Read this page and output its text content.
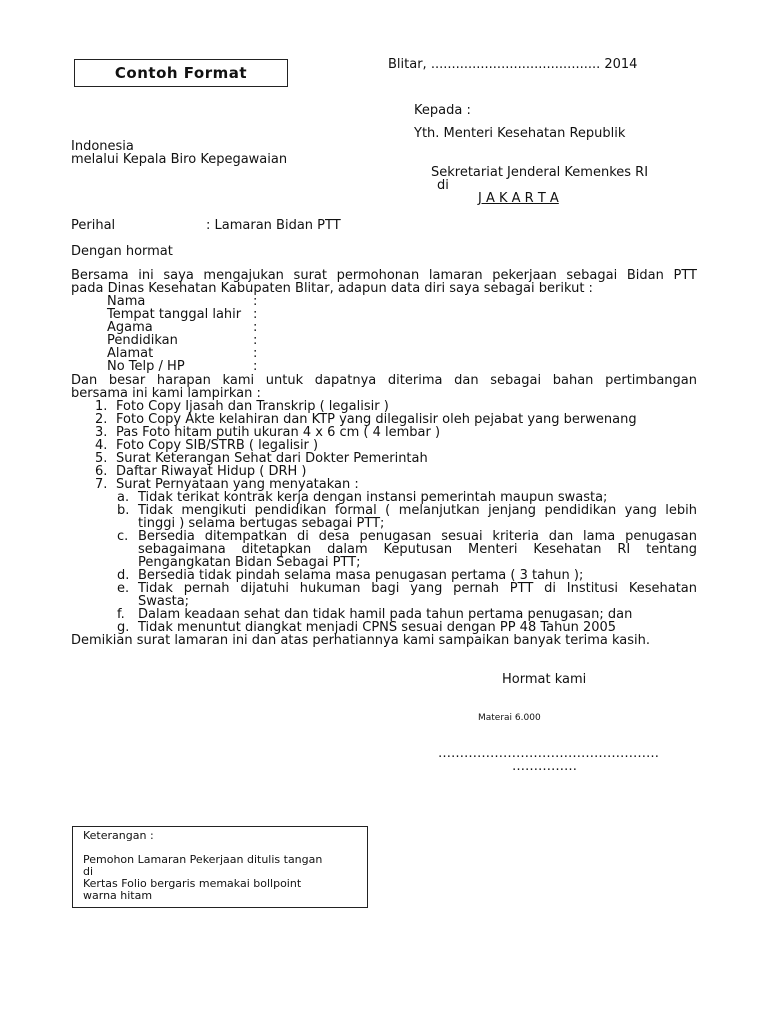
Contoh Format	Blitar, ......................................... 2014
Kepada :
Yth. Menteri Kesehatan Republik
Indonesia
melalui Kepala Biro Kepegawaian
Sekretariat Jenderal Kemenkes RI
di
J A K A R T A
Perihal	: Lamaran Bidan PTT
Dengan hormat
Bersama ini saya mengajukan surat permohonan lamaran pekerjaan sebagai Bidan PTT
pada Dinas Kesehatan Kabupaten Blitar, adapun data diri saya sebagai berikut :
Nama	:
Tempat tanggal lahir :
Agama	:
Pendidikan	:
Alamat	:
No Telp / HP	:
Dan besar harapan kami untuk dapatnya diterima dan sebagai bahan pertimbangan
bersama ini kami lampirkan :
1. Foto Copy Ijasah dan Transkrip ( legalisir )
2. Foto Copy Akte kelahiran dan KTP yang dilegalisir oleh pejabat yang berwenang
3. Pas Foto hitam putih ukuran 4 x 6 cm ( 4 lembar )
4. Foto Copy SIB/STRB ( legalisir )
5. Surat Keterangan Sehat dari Dokter Pemerintah
6. Daftar Riwayat Hidup ( DRH )
7. Surat Pernyataan yang menyatakan :
a. Tidak terikat kontrak kerja dengan instansi pemerintah maupun swasta;
b. Tidak mengikuti pendidikan formal ( melanjutkan jenjang pendidikan yang lebih
tinggi ) selama bertugas sebagai PTT;
c. Bersedia ditempatkan di desa penugasan sesuai kriteria dan lama penugasan
sebagaimana ditetapkan dalam Keputusan Menteri Kesehatan RI tentang
Pengangkatan Bidan Sebagai PTT;
d. Bersedia tidak pindah selama masa penugasan pertama ( 3 tahun );
e. Tidak pernah dijatuhi hukuman bagi yang pernah PTT di Institusi Kesehatan
Swasta;
f. Dalam keadaan sehat dan tidak hamil pada tahun pertama penugasan; dan
g. Tidak menuntut diangkat menjadi CPNS sesuai dengan PP 48 Tahun 2005
Demikian surat lamaran ini dan atas perhatiannya kami sampaikan banyak terima kasih.
Hormat kami
Materai 6.000
……………………………………………
……………
Keterangan :
Pemohon Lamaran Pekerjaan ditulis tangan
di
Kertas Folio bergaris memakai bollpoint
warna hitam
